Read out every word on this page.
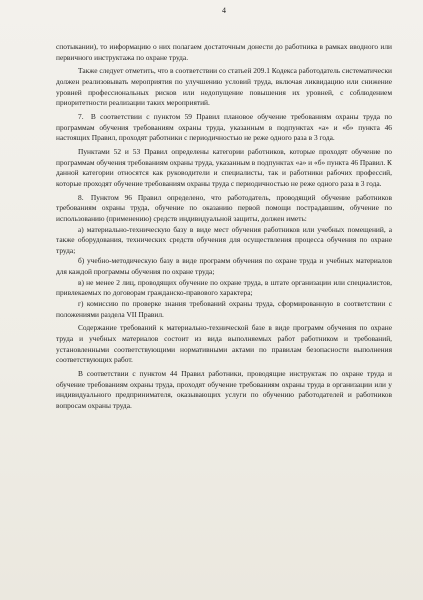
4

спотыкании), то информацию о них полагаем достаточным донести до работника в рамках вводного или первичного инструктажа по охране труда.

Также следует отметить, что в соответствии со статьей 209.1 Кодекса работодатель систематически должен реализовывать мероприятия по улучшению условий труда, включая ликвидацию или снижение уровней профессиональных рисков или недопущение повышения их уровней, с соблюдением приоритетности реализации таких мероприятий.

7. В соответствии с пунктом 59 Правил плановое обучение требованиям охраны труда по программам обучения требованиям охраны труда, указанным в подпунктах «а» и «б» пункта 46 настоящих Правил, проходят работники с периодичностью не реже одного раза в 3 года.

Пунктами 52 и 53 Правил определены категории работников, которые проходят обучение по программам обучения требованиям охраны труда, указанным в подпунктах «а» и «б» пункта 46 Правил. К данной категории относятся как руководители и специалисты, так и работники рабочих профессий, которые проходят обучение требованиям охраны труда с периодичностью не реже одного раза в 3 года.

8. Пунктом 96 Правил определено, что работодатель, проводящий обучение работников требованиям охраны труда, обучение по оказанию первой помощи пострадавшим, обучение по использованию (применению) средств индивидуальной защиты, должен иметь:

а) материально-техническую базу в виде мест обучения работников или учебных помещений, а также оборудования, технических средств обучения для осуществления процесса обучения по охране труда;

б) учебно-методическую базу в виде программ обучения по охране труда и учебных материалов для каждой программы обучения по охране труда;

в) не менее 2 лиц, проводящих обучение по охране труда, в штате организации или специалистов, привлекаемых по договорам гражданско-правового характера;

г) комиссию по проверке знания требований охраны труда, сформированную в соответствии с положениями раздела VII Правил.

Содержание требований к материально-технической базе в виде программ обучения по охране труда и учебных материалов состоит из вида выполняемых работ работником и требований, установленными соответствующими нормативными актами по правилам безопасности выполнения соответствующих работ.

В соответствии с пунктом 44 Правил работники, проводящие инструктаж по охране труда и обучение требованиям охраны труда, проходят обучение требованиям охраны труда в организации или у индивидуального предпринимателя, оказывающих услуги по обучению работодателей и работников вопросам охраны труда.
